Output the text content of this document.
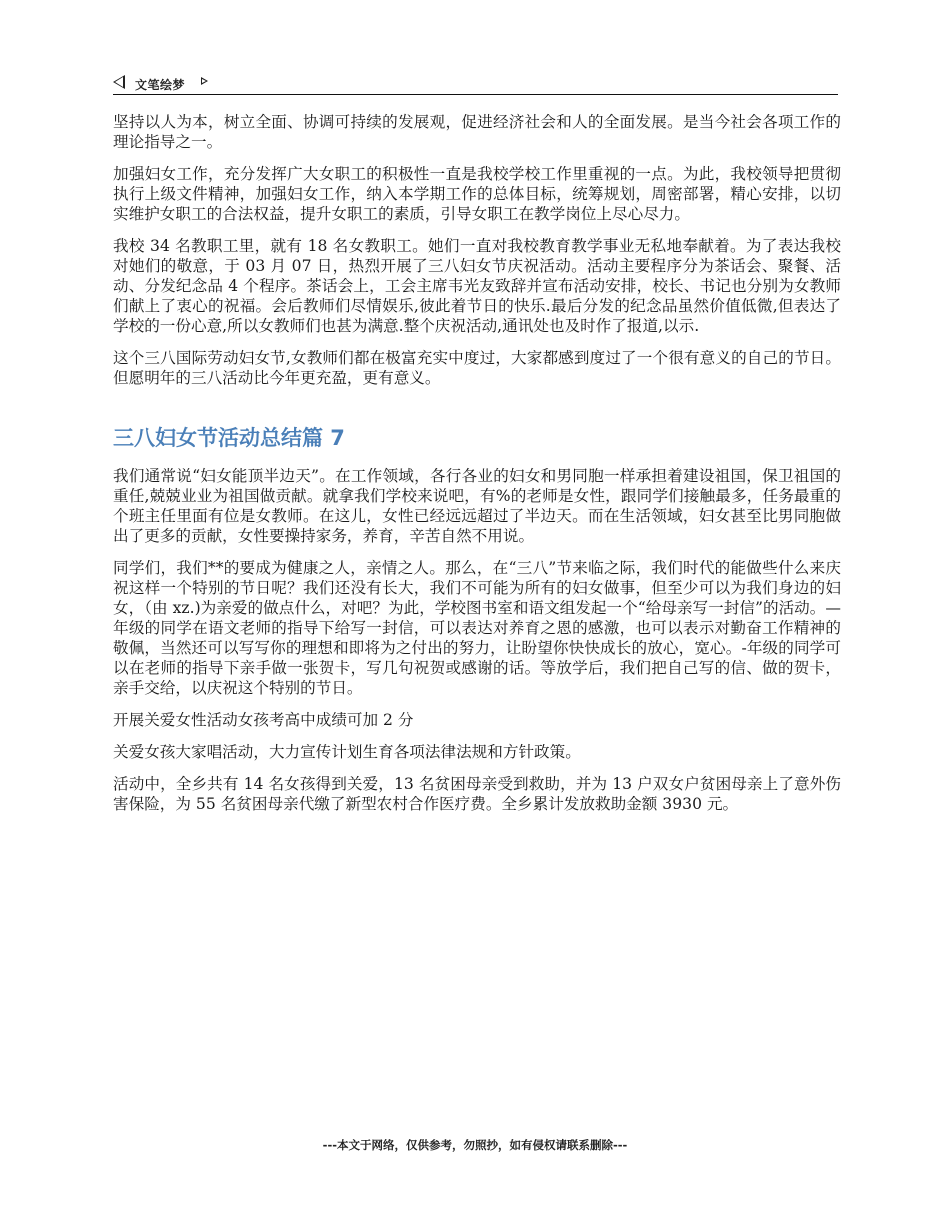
文笔绘梦

坚持以人为本，树立全面、协调可持续的发展观，促进经济社会和人的全面发展。是当今社会各项工作的理论指导之一。

加强妇女工作，充分发挥广大女职工的积极性一直是我校学校工作里重视的一点。为此，我校领导把贯彻执行上级文件精神，加强妇女工作，纳入本学期工作的总体目标，统筹规划，周密部署，精心安排，以切实维护女职工的合法权益，提升女职工的素质，引导女职工在教学岗位上尽心尽力。

我校 34 名教职工里，就有 18 名女教职工。她们一直对我校教育教学事业无私地奉献着。为了表达我校对她们的敬意，于 03 月 07 日，热烈开展了三八妇女节庆祝活动。活动主要程序分为茶话会、聚餐、活动、分发纪念品 4 个程序。茶话会上，工会主席韦光友致辞并宣布活动安排，校长、书记也分别为女教师们献上了衷心的祝福。会后教师们尽情娱乐,彼此着节日的快乐.最后分发的纪念品虽然价值低微,但表达了学校的一份心意,所以女教师们也甚为满意.整个庆祝活动,通讯处也及时作了报道,以示.

这个三八国际劳动妇女节,女教师们都在极富充实中度过，大家都感到度过了一个很有意义的自己的节日。但愿明年的三八活动比今年更充盈，更有意义。

三八妇女节活动总结篇 7

我们通常说“妇女能顶半边天”。在工作领域，各行各业的妇女和男同胞一样承担着建设祖国，保卫祖国的重任,兢兢业业为祖国做贡献。就拿我们学校来说吧，有%的老师是女性，跟同学们接触最多，任务最重的个班主任里面有位是女教师。在这儿，女性已经远远超过了半边天。而在生活领域，妇女甚至比男同胞做出了更多的贡献，女性要操持家务，养育，辛苦自然不用说。

同学们，我们**的要成为健康之人，亲情之人。那么，在“三八”节来临之际，我们时代的能做些什么来庆祝这样一个特别的节日呢？我们还没有长大，我们不可能为所有的妇女做事，但至少可以为我们身边的妇女，（由 xz.)为亲爱的做点什么，对吧？为此，学校图书室和语文组发起一个“给母亲写一封信”的活动。—年级的同学在语文老师的指导下给写一封信，可以表达对养育之恩的感激，也可以表示对勤奋工作精神的敬佩，当然还可以写写你的理想和即将为之付出的努力，让盼望你快快成长的放心，宽心。-年级的同学可以在老师的指导下亲手做一张贺卡，写几句祝贺或感谢的话。等放学后，我们把自己写的信、做的贺卡，亲手交给，以庆祝这个特别的节日。

开展关爱女性活动女孩考高中成绩可加 2 分

关爱女孩大家唱活动，大力宣传计划生育各项法律法规和方针政策。

活动中，全乡共有 14 名女孩得到关爱，13 名贫困母亲受到救助，并为 13 户双女户贫困母亲上了意外伤害保险，为 55 名贫困母亲代缴了新型农村合作医疗费。全乡累计发放救助金额 3930 元。

---本文于网络，仅供参考，勿照抄，如有侵权请联系删除---
